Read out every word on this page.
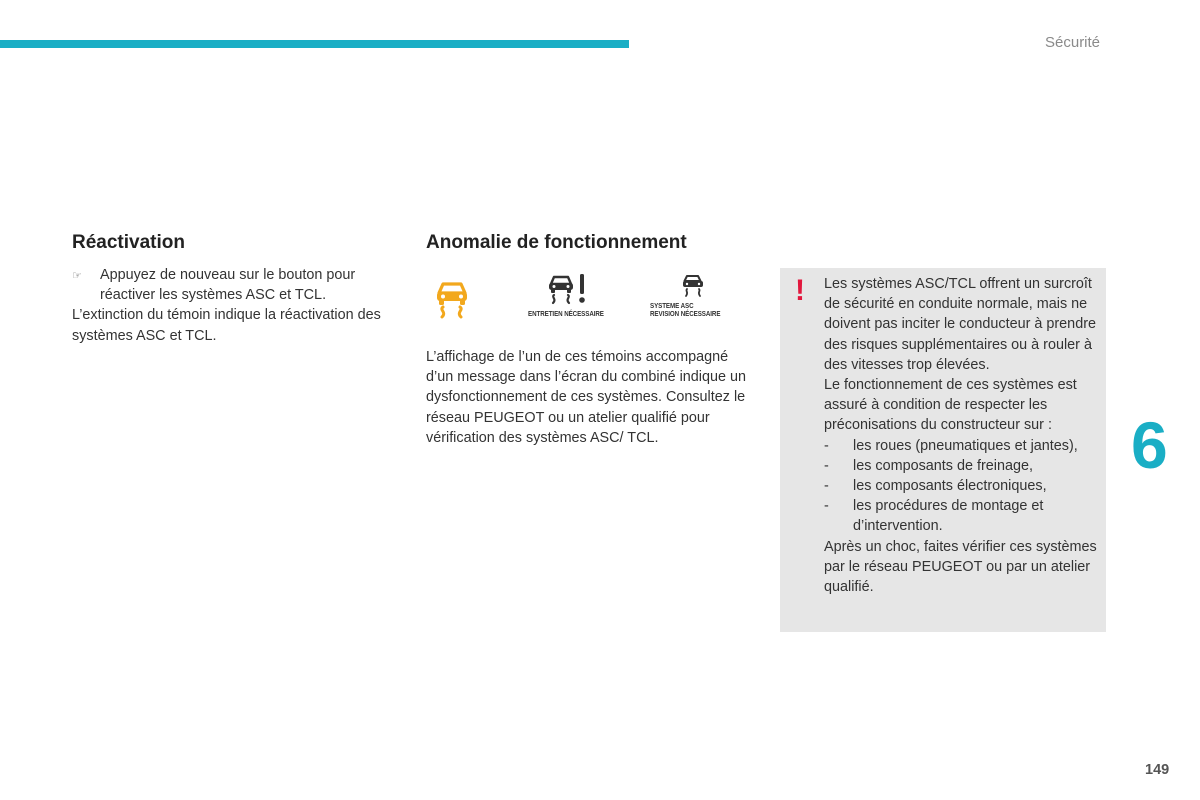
Sécurité
Réactivation
☞	Appuyez de nouveau sur le bouton pour réactiver les systèmes ASC et TCL.
L’extinction du témoin indique la réactivation des systèmes ASC et TCL.
Anomalie de fonctionnement
ENTRETIEN NÉCESSAIRE
SYSTEME ASC
REVISION NÉCESSAIRE
L’affichage de l’un de ces témoins accompagné d’un message dans l’écran du combiné indique un dysfonctionnement de ces systèmes. Consultez le réseau PEUGEOT ou un atelier qualifié pour vérification des systèmes ASC/ TCL.
! Les systèmes ASC/TCL offrent un surcroît de sécurité en conduite normale, mais ne doivent pas inciter le conducteur à prendre des risques supplémentaires ou à rouler à des vitesses trop élevées.
Le fonctionnement de ces systèmes est assuré à condition de respecter les préconisations du constructeur sur :
-	les roues (pneumatiques et jantes),
-	les composants de freinage,
-	les composants électroniques,
-	les procédures de montage et d’intervention.
Après un choc, faites vérifier ces systèmes par le réseau PEUGEOT ou par un atelier qualifié.
6
149
